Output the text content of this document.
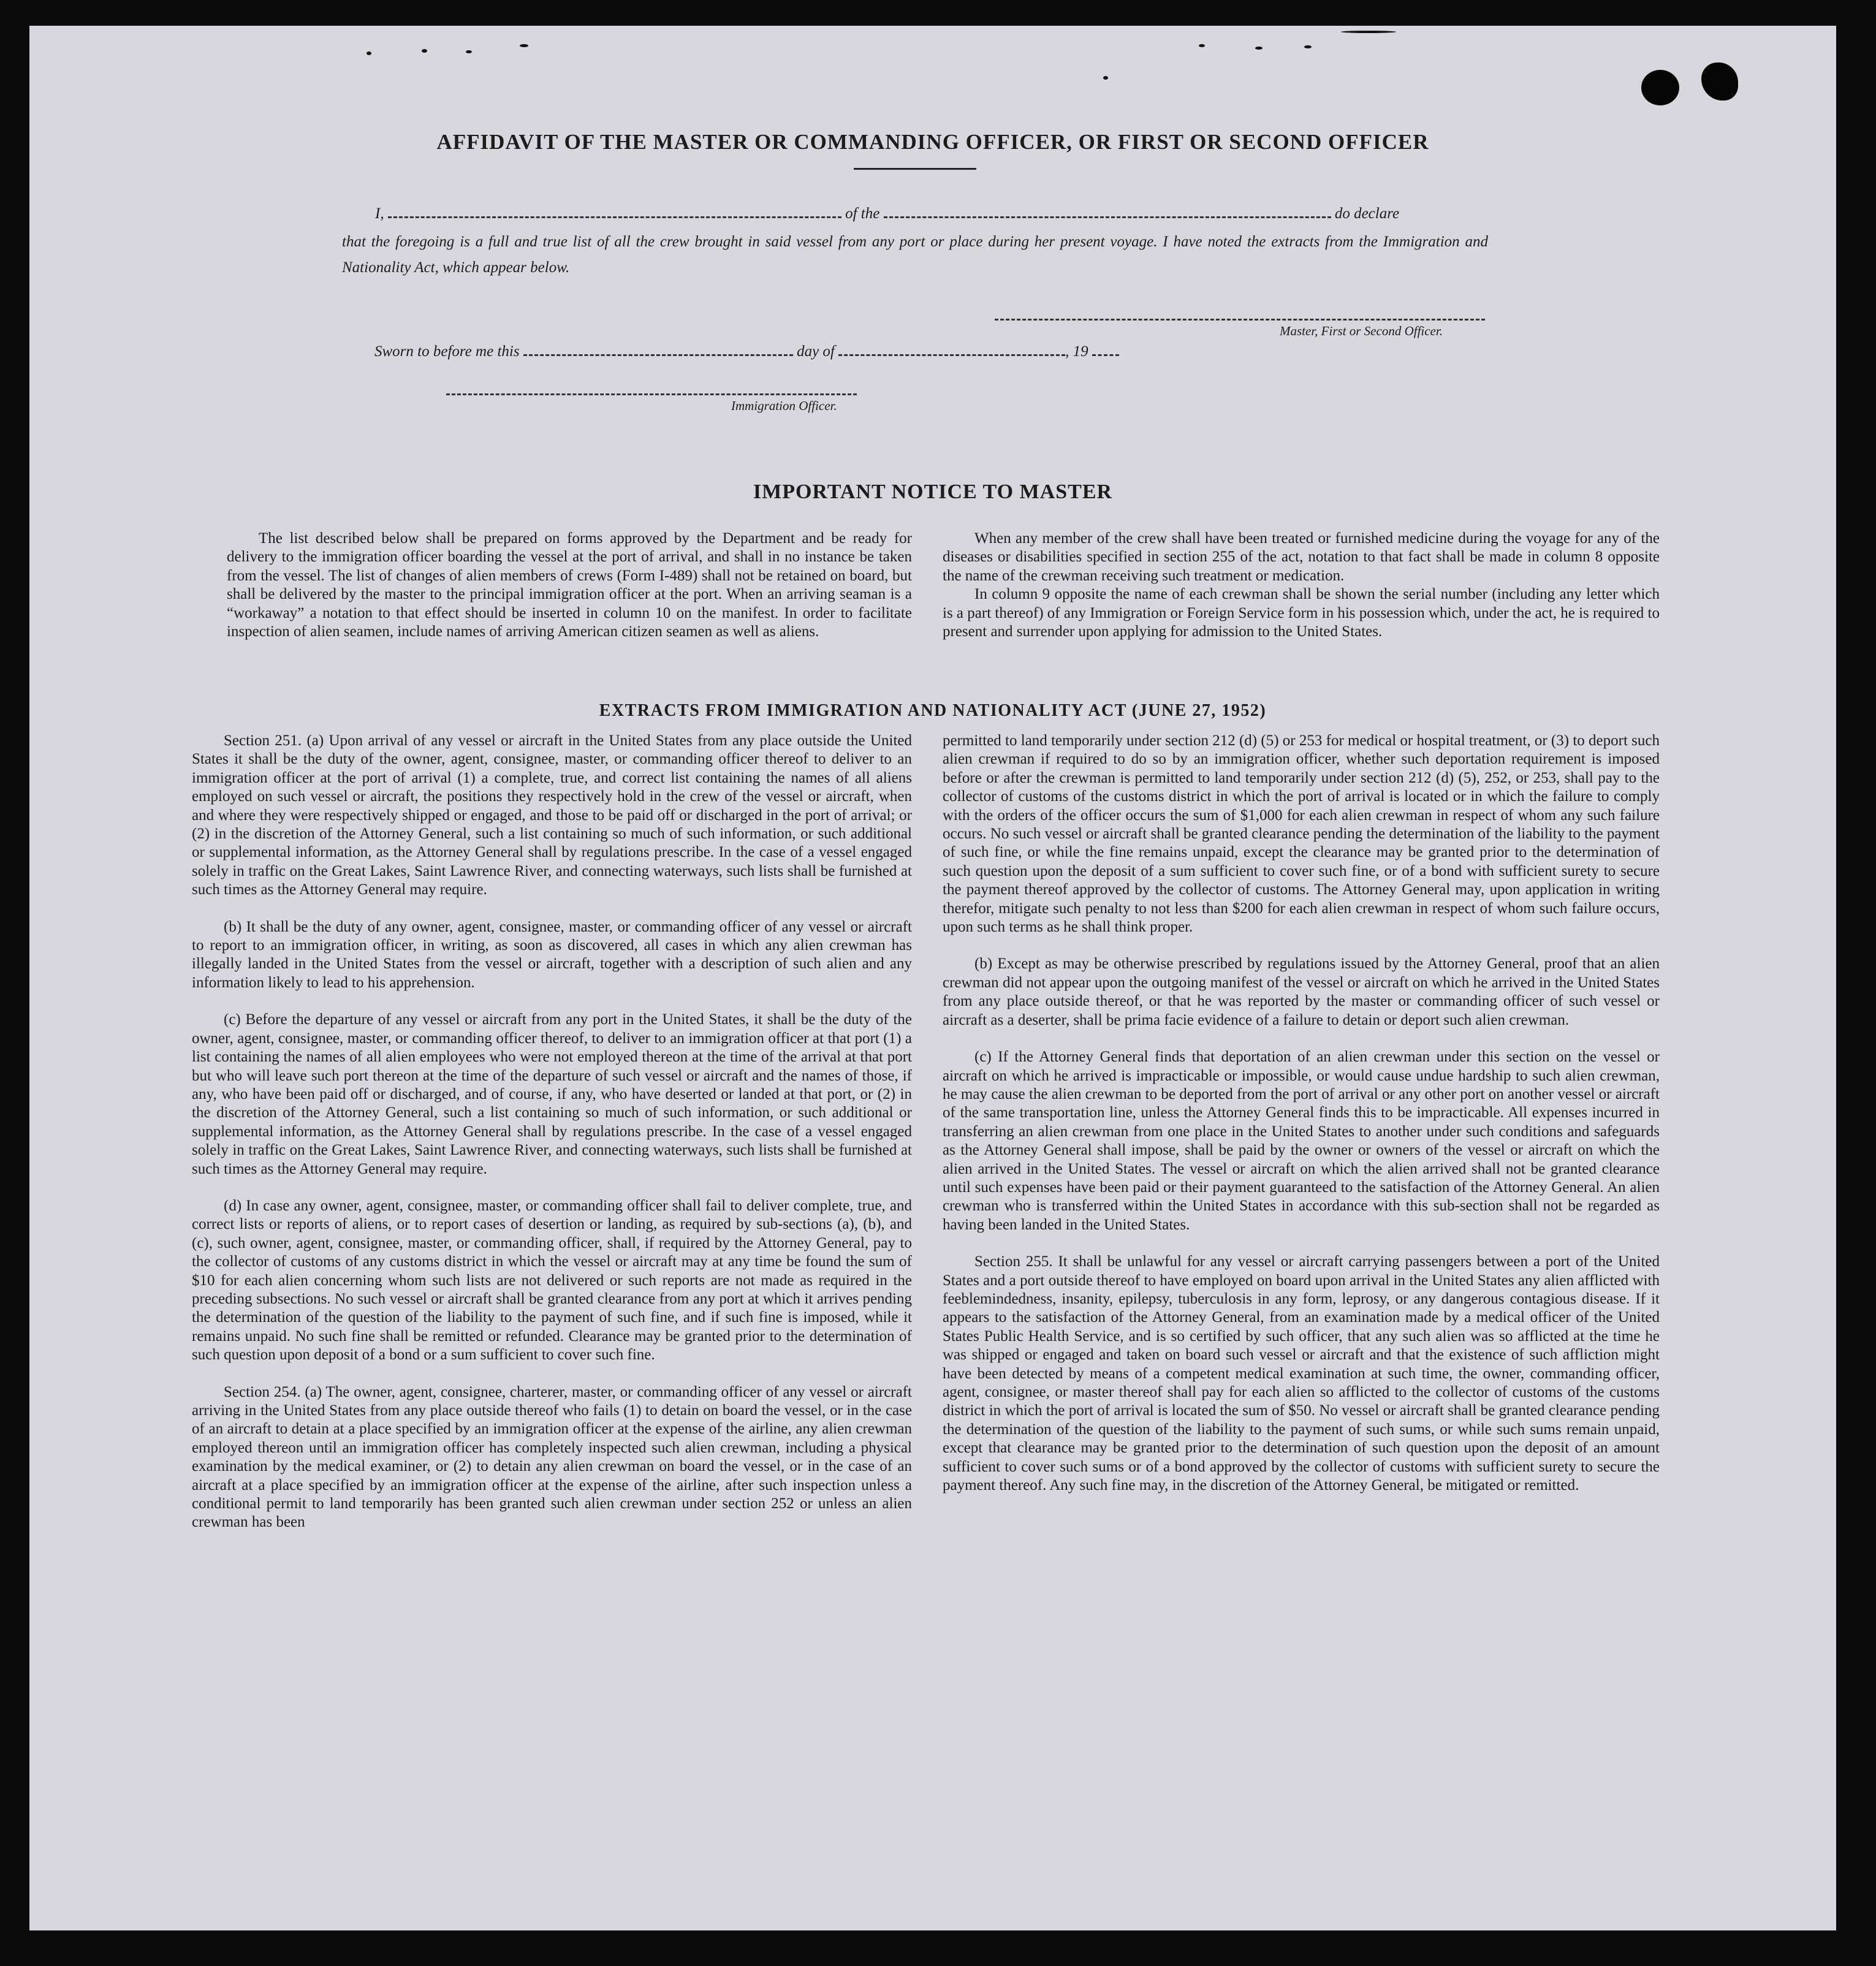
AFFIDAVIT OF THE MASTER OR COMMANDING OFFICER, OR FIRST OR SECOND OFFICER
I,	of the	do declare
that the foregoing is a full and true list of all the crew brought in said vessel from any port or place during her present voyage. I have noted the extracts from the Immigration and Nationality Act, which appear below.
Master, First or Second Officer.
Sworn to before me this	day of	, 19
Immigration Officer.
IMPORTANT NOTICE TO MASTER

The list described below shall be prepared on forms approved by the Department and be ready for delivery to the immigration officer boarding the vessel at the port of arrival, and shall in no instance be taken from the vessel. The list of changes of alien members of crews (Form I-489) shall not be retained on board, but shall be delivered by the master to the principal immigration officer at the port. When an arriving seaman is a “workaway” a notation to that effect should be inserted in column 10 on the manifest. In order to facilitate inspection of alien seamen, include names of arriving American citizen seamen as well as aliens.

When any member of the crew shall have been treated or furnished medicine during the voyage for any of the diseases or disabilities specified in section 255 of the act, notation to that fact shall be made in column 8 opposite the name of the crewman receiving such treatment or medication.

In column 9 opposite the name of each crewman shall be shown the serial number (including any letter which is a part thereof) of any Immigration or Foreign Service form in his possession which, under the act, he is required to present and surrender upon applying for admission to the United States.

EXTRACTS FROM IMMIGRATION AND NATIONALITY ACT (JUNE 27, 1952)

Section 251. (a) Upon arrival of any vessel or aircraft in the United States from any place outside the United States it shall be the duty of the owner, agent, consignee, master, or commanding officer thereof to deliver to an immigration officer at the port of arrival (1) a complete, true, and correct list containing the names of all aliens employed on such vessel or aircraft, the positions they respectively hold in the crew of the vessel or aircraft, when and where they were respectively shipped or engaged, and those to be paid off or discharged in the port of arrival; or (2) in the discretion of the Attorney General, such a list containing so much of such information, or such additional or supplemental information, as the Attorney General shall by regulations prescribe. In the case of a vessel engaged solely in traffic on the Great Lakes, Saint Lawrence River, and connecting waterways, such lists shall be furnished at such times as the Attorney General may require.

(b) It shall be the duty of any owner, agent, consignee, master, or commanding officer of any vessel or aircraft to report to an immigration officer, in writing, as soon as discovered, all cases in which any alien crewman has illegally landed in the United States from the vessel or aircraft, together with a description of such alien and any information likely to lead to his apprehension.

(c) Before the departure of any vessel or aircraft from any port in the United States, it shall be the duty of the owner, agent, consignee, master, or commanding officer thereof, to deliver to an immigration officer at that port (1) a list containing the names of all alien employees who were not employed thereon at the time of the arrival at that port but who will leave such port thereon at the time of the departure of such vessel or aircraft and the names of those, if any, who have been paid off or discharged, and of course, if any, who have deserted or landed at that port, or (2) in the discretion of the Attorney General, such a list containing so much of such information, or such additional or supplemental information, as the Attorney General shall by regulations prescribe. In the case of a vessel engaged solely in traffic on the Great Lakes, Saint Lawrence River, and connecting waterways, such lists shall be furnished at such times as the Attorney General may require.

(d) In case any owner, agent, consignee, master, or commanding officer shall fail to deliver complete, true, and correct lists or reports of aliens, or to report cases of desertion or landing, as required by sub-sections (a), (b), and (c), such owner, agent, consignee, master, or commanding officer, shall, if required by the Attorney General, pay to the collector of customs of any customs district in which the vessel or aircraft may at any time be found the sum of $10 for each alien concerning whom such lists are not delivered or such reports are not made as required in the preceding subsections. No such vessel or aircraft shall be granted clearance from any port at which it arrives pending the determination of the question of the liability to the payment of such fine, and if such fine is imposed, while it remains unpaid. No such fine shall be remitted or refunded. Clearance may be granted prior to the determination of such question upon deposit of a bond or a sum sufficient to cover such fine.

Section 254. (a) The owner, agent, consignee, charterer, master, or commanding officer of any vessel or aircraft arriving in the United States from any place outside thereof who fails (1) to detain on board the vessel, or in the case of an aircraft to detain at a place specified by an immigration officer at the expense of the airline, any alien crewman employed thereon until an immigration officer has completely inspected such alien crewman, including a physical examination by the medical examiner, or (2) to detain any alien crewman on board the vessel, or in the case of an aircraft at a place specified by an immigration officer at the expense of the airline, after such inspection unless a conditional permit to land temporarily has been granted such alien crewman under section 252 or unless an alien crewman has been

permitted to land temporarily under section 212 (d) (5) or 253 for medical or hospital treatment, or (3) to deport such alien crewman if required to do so by an immigration officer, whether such deportation requirement is imposed before or after the crewman is permitted to land temporarily under section 212 (d) (5), 252, or 253, shall pay to the collector of customs of the customs district in which the port of arrival is located or in which the failure to comply with the orders of the officer occurs the sum of $1,000 for each alien crewman in respect of whom any such failure occurs. No such vessel or aircraft shall be granted clearance pending the determination of the liability to the payment of such fine, or while the fine remains unpaid, except the clearance may be granted prior to the determination of such question upon the deposit of a sum sufficient to cover such fine, or of a bond with sufficient surety to secure the payment thereof approved by the collector of customs. The Attorney General may, upon application in writing therefor, mitigate such penalty to not less than $200 for each alien crewman in respect of whom such failure occurs, upon such terms as he shall think proper.

(b) Except as may be otherwise prescribed by regulations issued by the Attorney General, proof that an alien crewman did not appear upon the outgoing manifest of the vessel or aircraft on which he arrived in the United States from any place outside thereof, or that he was reported by the master or commanding officer of such vessel or aircraft as a deserter, shall be prima facie evidence of a failure to detain or deport such alien crewman.

(c) If the Attorney General finds that deportation of an alien crewman under this section on the vessel or aircraft on which he arrived is impracticable or impossible, or would cause undue hardship to such alien crewman, he may cause the alien crewman to be deported from the port of arrival or any other port on another vessel or aircraft of the same transportation line, unless the Attorney General finds this to be impracticable. All expenses incurred in transferring an alien crewman from one place in the United States to another under such conditions and safeguards as the Attorney General shall impose, shall be paid by the owner or owners of the vessel or aircraft on which the alien arrived in the United States. The vessel or aircraft on which the alien arrived shall not be granted clearance until such expenses have been paid or their payment guaranteed to the satisfaction of the Attorney General. An alien crewman who is transferred within the United States in accordance with this sub-section shall not be regarded as having been landed in the United States.

Section 255. It shall be unlawful for any vessel or aircraft carrying passengers between a port of the United States and a port outside thereof to have employed on board upon arrival in the United States any alien afflicted with feeblemindedness, insanity, epilepsy, tuberculosis in any form, leprosy, or any dangerous contagious disease. If it appears to the satisfaction of the Attorney General, from an examination made by a medical officer of the United States Public Health Service, and is so certified by such officer, that any such alien was so afflicted at the time he was shipped or engaged and taken on board such vessel or aircraft and that the existence of such affliction might have been detected by means of a competent medical examination at such time, the owner, commanding officer, agent, consignee, or master thereof shall pay for each alien so afflicted to the collector of customs of the customs district in which the port of arrival is located the sum of $50. No vessel or aircraft shall be granted clearance pending the determination of the question of the liability to the payment of such sums, or while such sums remain unpaid, except that clearance may be granted prior to the determination of such question upon the deposit of an amount sufficient to cover such sums or of a bond approved by the collector of customs with sufficient surety to secure the payment thereof. Any such fine may, in the discretion of the Attorney General, be mitigated or remitted.
